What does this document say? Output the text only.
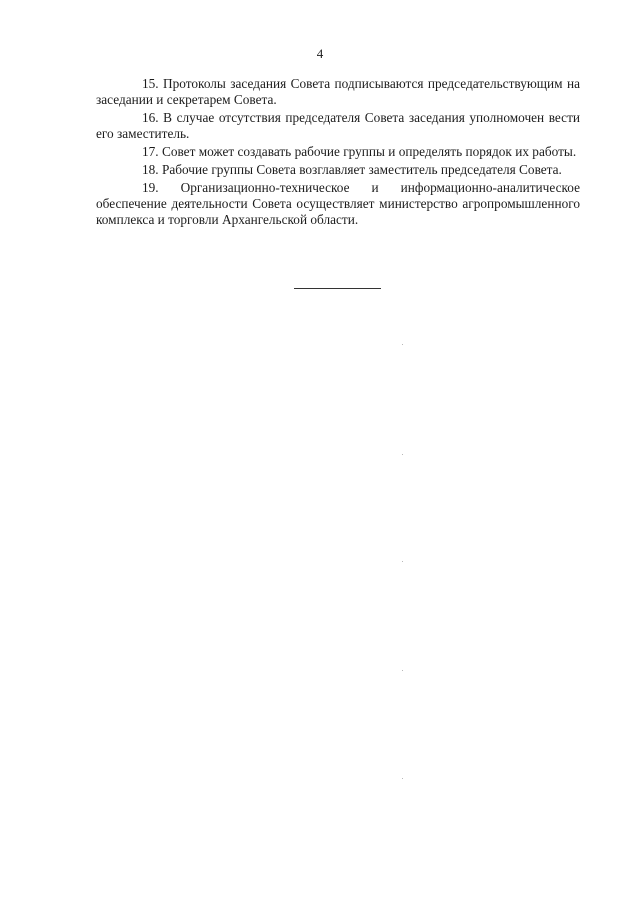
4

15. Протоколы заседания Совета подписываются председательствующим на заседании и секретарем Совета.

16. В случае отсутствия председателя Совета заседания уполномочен вести его заместитель.

17. Совет может создавать рабочие группы и определять порядок их работы.

18. Рабочие группы Совета возглавляет заместитель председателя Совета.

19. Организационно-техническое и информационно-аналитическое обеспечение деятельности Совета осуществляет министерство агропромышленного комплекса и торговли Архангельской области.
